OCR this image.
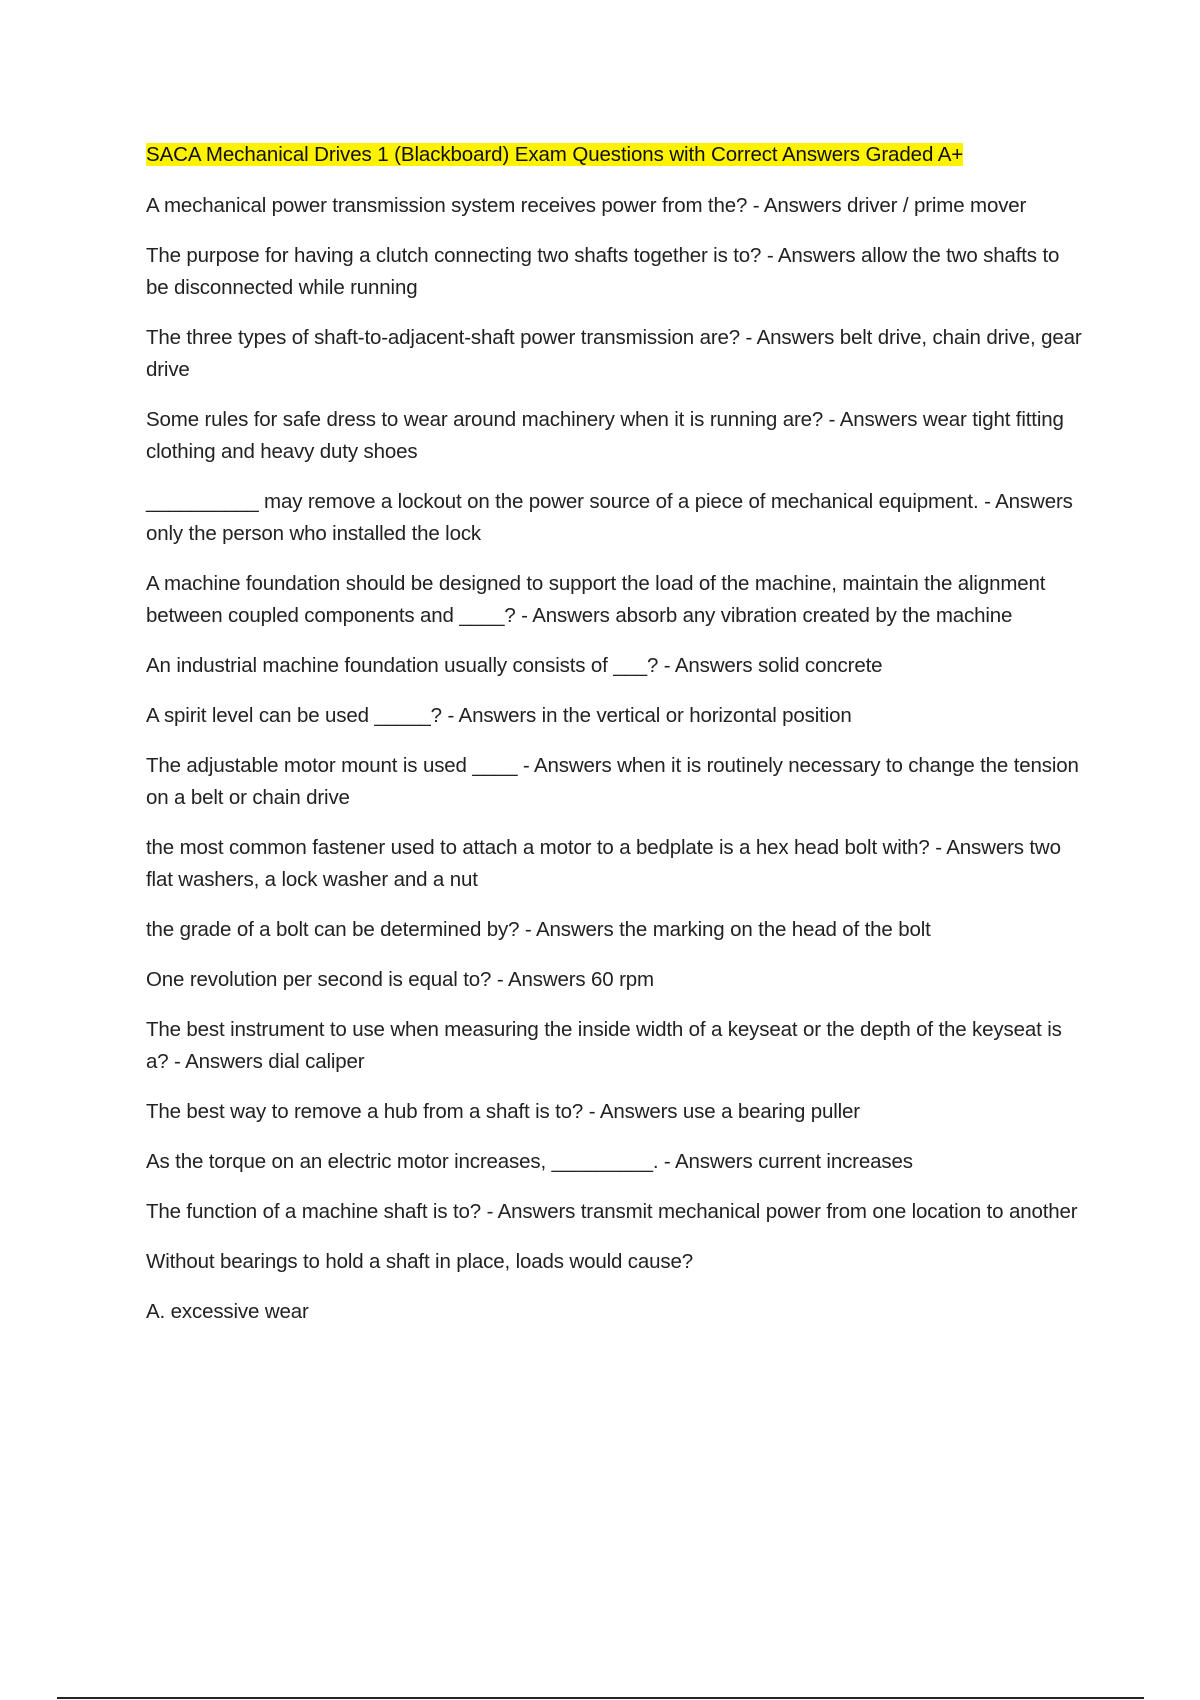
SACA Mechanical Drives 1 (Blackboard) Exam Questions with Correct Answers Graded A+

A mechanical power transmission system receives power from the? - Answers driver / prime mover

The purpose for having a clutch connecting two shafts together is to? - Answers allow the two shafts to be disconnected while running

The three types of shaft-to-adjacent-shaft power transmission are? - Answers belt drive, chain drive, gear drive

Some rules for safe dress to wear around machinery when it is running are? - Answers wear tight fitting clothing and heavy duty shoes

__________ may remove a lockout on the power source of a piece of mechanical equipment. - Answers only the person who installed the lock

A machine foundation should be designed to support the load of the machine, maintain the alignment between coupled components and ____? - Answers absorb any vibration created by the machine

An industrial machine foundation usually consists of ___? - Answers solid concrete

A spirit level can be used _____? - Answers in the vertical or horizontal position

The adjustable motor mount is used ____ - Answers when it is routinely necessary to change the tension on a belt or chain drive

the most common fastener used to attach a motor to a bedplate is a hex head bolt with? - Answers two flat washers, a lock washer and a nut

the grade of a bolt can be determined by? - Answers the marking on the head of the bolt

One revolution per second is equal to? - Answers 60 rpm

The best instrument to use when measuring the inside width of a keyseat or the depth of the keyseat is a? - Answers dial caliper

The best way to remove a hub from a shaft is to? - Answers use a bearing puller

As the torque on an electric motor increases, _________. - Answers current increases

The function of a machine shaft is to? - Answers transmit mechanical power from one location to another

Without bearings to hold a shaft in place, loads would cause?

A. excessive wear
